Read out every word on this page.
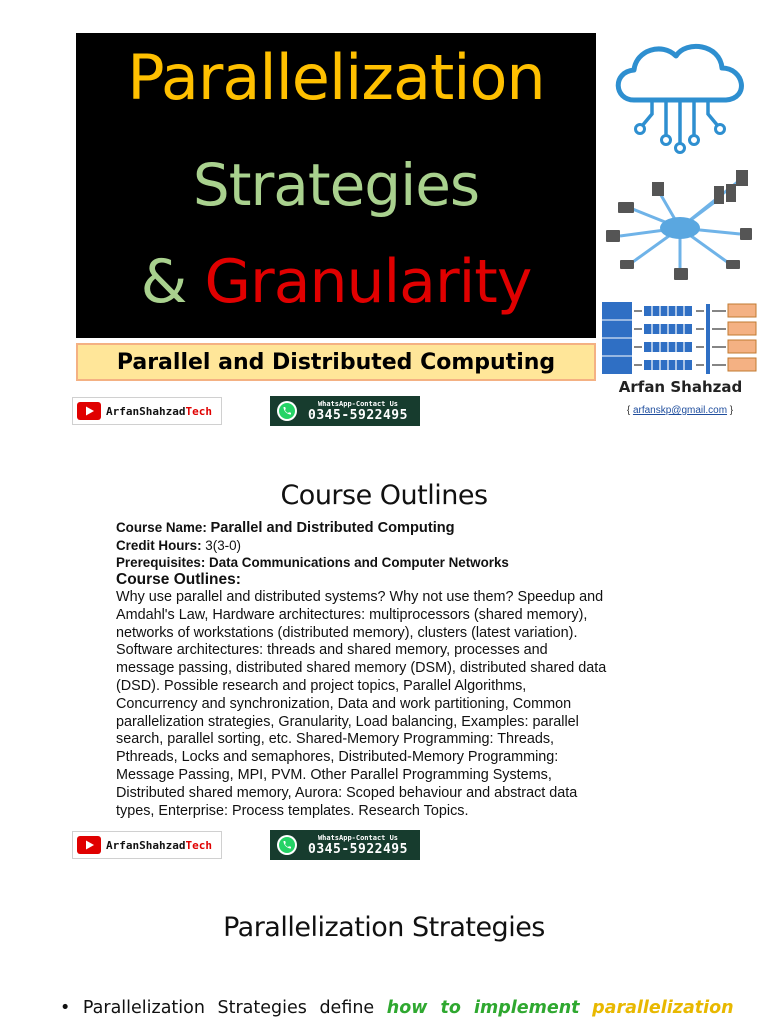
Parallelization
Strategies
& Granularity
Parallel and Distributed Computing
Arfan Shahzad
{ arfanskp@gmail.com }
ArfanShahzadTech
WhatsApp-Contact Us
0345-5922495
Course Outlines
Course Name: Parallel and Distributed Computing
Credit Hours: 3(3-0)
Prerequisites: Data Communications and Computer Networks
Course Outlines:
Why use parallel and distributed systems? Why not use them? Speedup and
Amdahl's Law, Hardware architectures: multiprocessors (shared memory),
networks of workstations (distributed memory), clusters (latest variation).
Software architectures: threads and shared memory, processes and
message passing, distributed shared memory (DSM), distributed shared data
(DSD). Possible research and project topics, Parallel Algorithms,
Concurrency and synchronization, Data and work partitioning, Common
parallelization strategies, Granularity, Load balancing, Examples: parallel
search, parallel sorting, etc. Shared-Memory Programming: Threads,
Pthreads, Locks and semaphores, Distributed-Memory Programming:
Message Passing, MPI, PVM. Other Parallel Programming Systems,
Distributed shared memory, Aurora: Scoped behaviour and abstract data
types, Enterprise: Process templates. Research Topics.
ArfanShahzadTech
WhatsApp-Contact Us
0345-5922495
Parallelization Strategies
• Parallelization Strategies define how to implement parallelization
